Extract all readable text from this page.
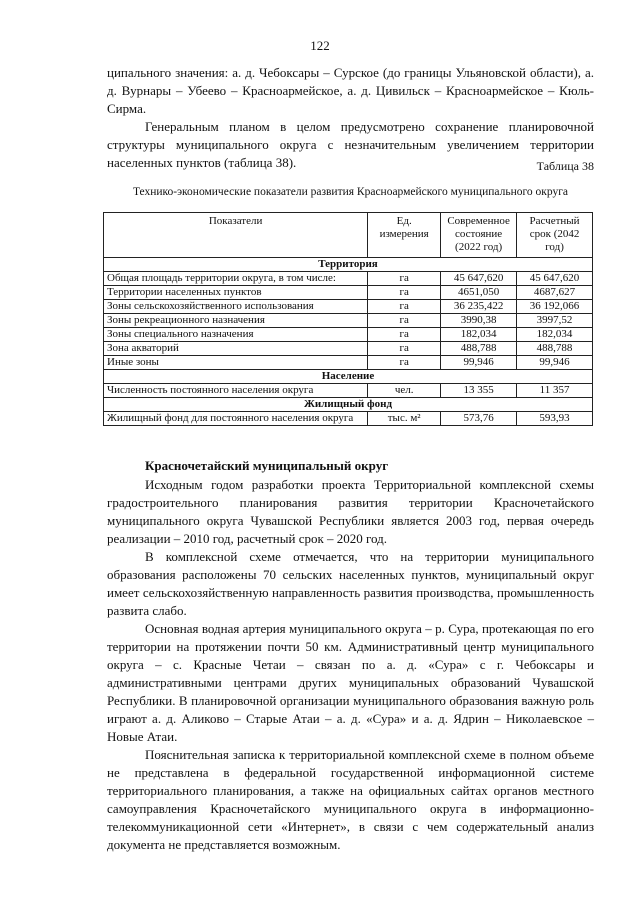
122

ципального значения: а. д. Чебоксары – Сурское (до границы Ульяновской области), а. д. Вурнары – Убеево – Красноармейское, а. д. Цивильск – Красноармейское – Кюль-Сирма.

Генеральным планом в целом предусмотрено сохранение планировочной структуры муниципального округа с незначительным увеличением территории населенных пунктов (таблица 38).	Таблица 38
Технико-экономические показатели развития Красноармейского муниципального округа
Показатели	Ед. измерения	Современное состояние (2022 год)	Расчетный срок (2042 год)
Территория			
Общая площадь территории округа, в том числе:	га	45 647,620	45 647,620
Территории населенных пунктов	га	4651,050	4687,627
Зоны сельскохозяйственного использования	га	36 235,422	36 192,066
Зоны рекреационного назначения	га	3990,38	3997,52
Зоны специального назначения	га	182,034	182,034
Зона акваторий	га	488,788	488,788
Иные зоны	га	99,946	99,946
Население			
Численность постоянного населения округа	чел.	13 355	11 357
Жилищный фонд			
Жилищный фонд для постоянного населения округа	тыс. м²	573,76	593,93
Красночетайский муниципальный округ

Исходным годом разработки проекта Территориальной комплексной схемы градостроительного планирования развития территории Красночетайского муниципального округа Чувашской Республики является 2003 год, первая очередь реализации – 2010 год, расчетный срок – 2020 год.

В комплексной схеме отмечается, что на территории муниципального образования расположены 70 сельских населенных пунктов, муниципальный округ имеет сельскохозяйственную направленность развития производства, промышленность развита слабо.

Основная водная артерия муниципального округа – р. Сура, протекающая по его территории на протяжении почти 50 км. Административный центр муниципального округа – с. Красные Четаи – связан по а. д. «Сура» с г. Чебоксары и административными центрами других муниципальных образований Чувашской Республики. В планировочной организации муниципального образования важную роль играют а. д. Аликово – Старые Атаи – а. д. «Сура» и а. д. Ядрин – Николаевское – Новые Атаи.

Пояснительная записка к территориальной комплексной схеме в полном объеме не представлена в федеральной государственной информационной системе территориального планирования, а также на официальных сайтах органов местного самоуправления Красночетайского муниципального округа в информационно-телекоммуникационной сети «Интернет», в связи с чем содержательный анализ документа не представляется возможным.
